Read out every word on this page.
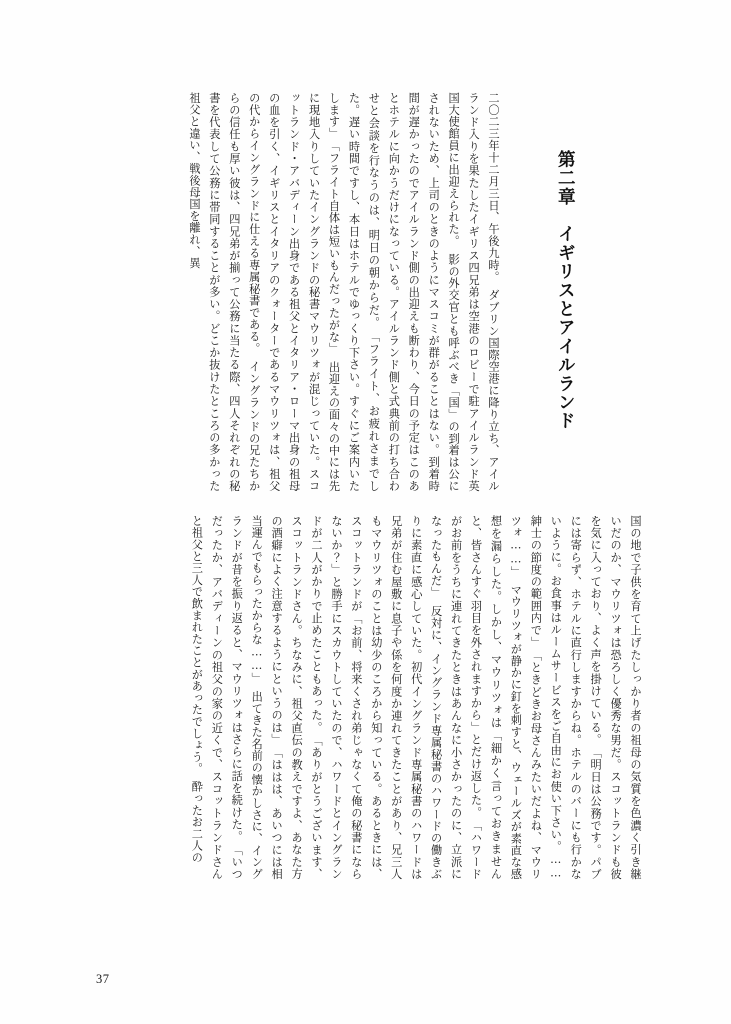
第二章　イギリスとアイルランド
二〇二三年十二月三日、午後九時。　ダブリン国際空港に降り立ち、アイルランド入りを果たしたイギリス四兄弟は空港のロビーで駐アイルランド英国大使館員に出迎えられた。　影の外交官とも呼ぶべき「国」の到着は公にされないため、上司のときのようにマスコミが群がることはない。到着時間が遅かったのでアイルランド側の出迎えも断わり、今日の予定はこのあとホテルに向かうだけになっている。アイルランド側と式典前の打ち合わせと会談を行なうのは、明日の朝からだ。　「フライト、お疲れさまでした。遅い時間ですし、本日はホテルでゆっくり下さい。すぐにご案内いたします」　「フライト自体は短いもんだったがな」　出迎えの面々の中には先に現地入りしていたイングランドの秘書マウリツォが混じっていた。スコットランド・アバディーン出身である祖父とイタリア・ローマ出身の祖母の血を引く、イギリスとイタリアのクォーターであるマウリツォは、祖父の代からイングランドに仕える専属秘書である。　イングランドの兄たちからの信任も厚い彼は、四兄弟が揃って公務に当たる際、四人それぞれの秘書を代表して公務に帯同することが多い。どこか抜けたところの多かった祖父と違い、戦後母国を離れ、異
国の地で子供を育て上げたしっかり者の祖母の気質を色濃く引き継いだのか、マウリツォは恐ろしく優秀な男だ。スコットランドも彼を気に入っており、よく声を掛けている。　「明日は公務です。パブには寄らず、ホテルに直行しますからね。ホテルのバーにも行かないように。お食事はルームサービスをご自由にお使い下さい。……紳士の節度の範囲内で」　「ときどきお母さんみたいだよね、マウリツォ……」　マウリツォが静かに釘を刺すと、ウェールズが素直な感想を漏らした。しかし、マウリツォは「細かく言っておきませんと、皆さんすぐ羽目を外されますから」とだけ返した。　「ハワードがお前をうちに連れてきたときはあんなに小さかったのに、立派になったもんだ」　反対に、イングランド専属秘書のハワードの働きぶりに素直に感心していた。初代イングランド専属秘書のハワードは兄弟が住む屋敷に息子や係を何度か連れてきたことがあり、兄三人もマウリツォのことは幼少のころから知っている。あるときには、スコットランドが「お前、将来くされ弟じゃなくて俺の秘書にならないか？」と勝手にスカウトしていたので、ハワードとイングランドが二人がかりで止めたこともあった。　「ありがとうございます、スコットランドさん。ちなみに、祖父直伝の教えですよ、あなた方の酒癖によく注意するようにというのは」　「ははは、あいつには相当運んでもらったからな……」　出てきた名前の懐かしさに、イングランドが昔を振り返ると、マウリツォはさらに話を続けた。　「いつだったか、アバディーンの祖父の家の近くで、スコットランドさんと祖父と三人で飲まれたことがあったでしょう。　酔ったお二人の
37
